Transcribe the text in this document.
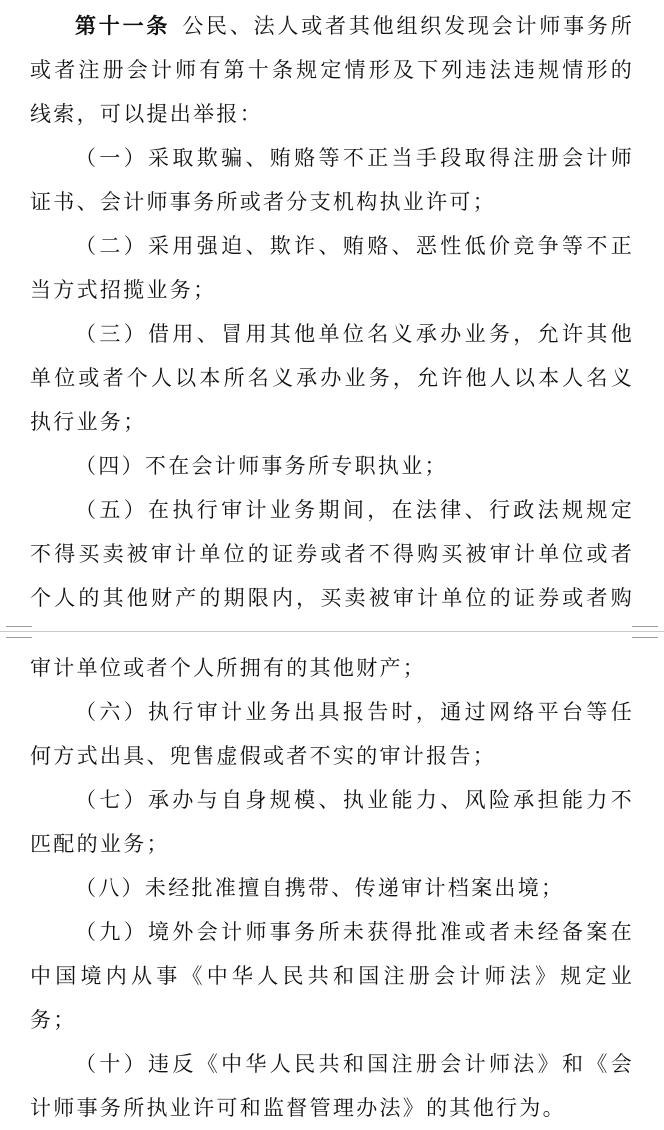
第十一条 公民、法人或者其他组织发现会计师事务所或者注册会计师有第十条规定情形及下列违法违规情形的线索，可以提出举报：

（一）采取欺骗、贿赂等不正当手段取得注册会计师证书、会计师事务所或者分支机构执业许可；

（二）采用强迫、欺诈、贿赂、恶性低价竞争等不正当方式招揽业务；

（三）借用、冒用其他单位名义承办业务，允许其他单位或者个人以本所名义承办业务，允许他人以本人名义执行业务；

（四）不在会计师事务所专职执业；

（五）在执行审计业务期间，在法律、行政法规规定不得买卖被审计单位的证券或者不得购买被审计单位或者个人的其他财产的期限内，买卖被审计单位的证券或者购

审计单位或者个人所拥有的其他财产；

（六）执行审计业务出具报告时，通过网络平台等任何方式出具、兜售虚假或者不实的审计报告；

（七）承办与自身规模、执业能力、风险承担能力不匹配的业务；

（八）未经批准擅自携带、传递审计档案出境；

（九）境外会计师事务所未获得批准或者未经备案在中国境内从事《中华人民共和国注册会计师法》规定业务；

（十）违反《中华人民共和国注册会计师法》和《会计师事务所执业许可和监督管理办法》的其他行为。
